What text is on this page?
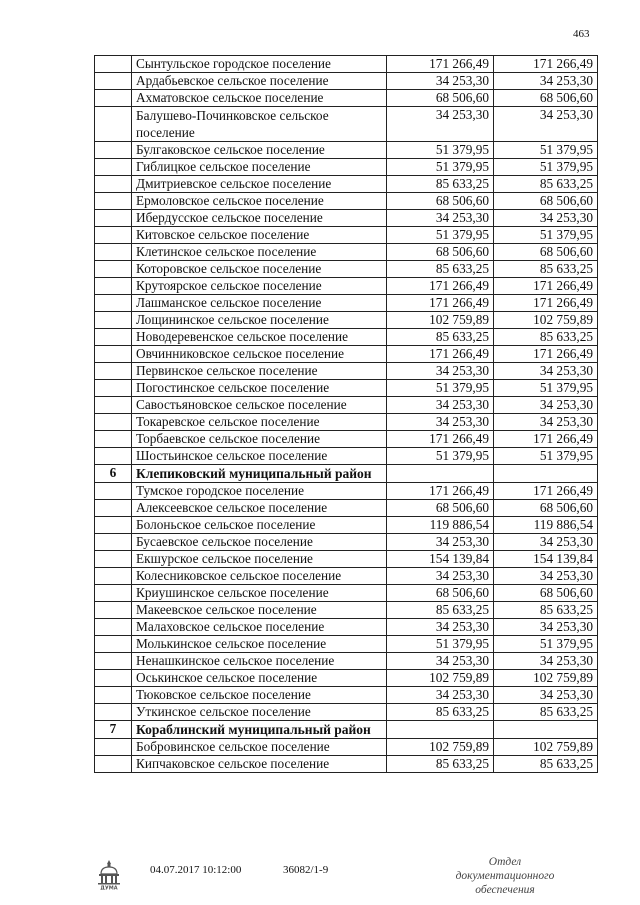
463
	Сынтульское городское поселение	171 266,49	171 266,49
	Ардабьевское сельское поселение	34 253,30	34 253,30
	Ахматовское сельское поселение	68 506,60	68 506,60
	Балушево-Починковское сельское поселение	34 253,30	34 253,30
	Булгаковское сельское поселение	51 379,95	51 379,95
	Гиблицкое сельское поселение	51 379,95	51 379,95
	Дмитриевское сельское поселение	85 633,25	85 633,25
	Ермоловское сельское поселение	68 506,60	68 506,60
	Ибердусское сельское поселение	34 253,30	34 253,30
	Китовское сельское поселение	51 379,95	51 379,95
	Клетинское сельское поселение	68 506,60	68 506,60
	Которовское сельское поселение	85 633,25	85 633,25
	Крутоярское сельское поселение	171 266,49	171 266,49
	Лашманское сельское поселение	171 266,49	171 266,49
	Лощининское сельское поселение	102 759,89	102 759,89
	Новодеревенское сельское поселение	85 633,25	85 633,25
	Овчинниковское сельское поселение	171 266,49	171 266,49
	Первинское сельское поселение	34 253,30	34 253,30
	Погостинское сельское поселение	51 379,95	51 379,95
	Савостьяновское сельское поселение	34 253,30	34 253,30
	Токаревское сельское поселение	34 253,30	34 253,30
	Торбаевское сельское поселение	171 266,49	171 266,49
	Шостьинское сельское поселение	51 379,95	51 379,95
6	Клепиковский муниципальный район		
	Тумское городское поселение	171 266,49	171 266,49
	Алексеевское сельское поселение	68 506,60	68 506,60
	Болоньское сельское поселение	119 886,54	119 886,54
	Бусаевское сельское поселение	34 253,30	34 253,30
	Екшурское сельское поселение	154 139,84	154 139,84
	Колесниковское сельское поселение	34 253,30	34 253,30
	Криушинское сельское поселение	68 506,60	68 506,60
	Макеевское сельское поселение	85 633,25	85 633,25
	Малаховское сельское поселение	34 253,30	34 253,30
	Молькинское сельское поселение	51 379,95	51 379,95
	Ненашкинское сельское поселение	34 253,30	34 253,30
	Оськинское сельское поселение	102 759,89	102 759,89
	Тюковское сельское поселение	34 253,30	34 253,30
	Уткинское сельское поселение	85 633,25	85 633,25
7	Кораблинский муниципальный район		
	Бобровинское сельское поселение	102 759,89	102 759,89
	Кипчаковское сельское поселение	85 633,25	85 633,25
ДУМА
04.07.2017 10:12:00	36082/1-9
Отдел документационного обеспечения
